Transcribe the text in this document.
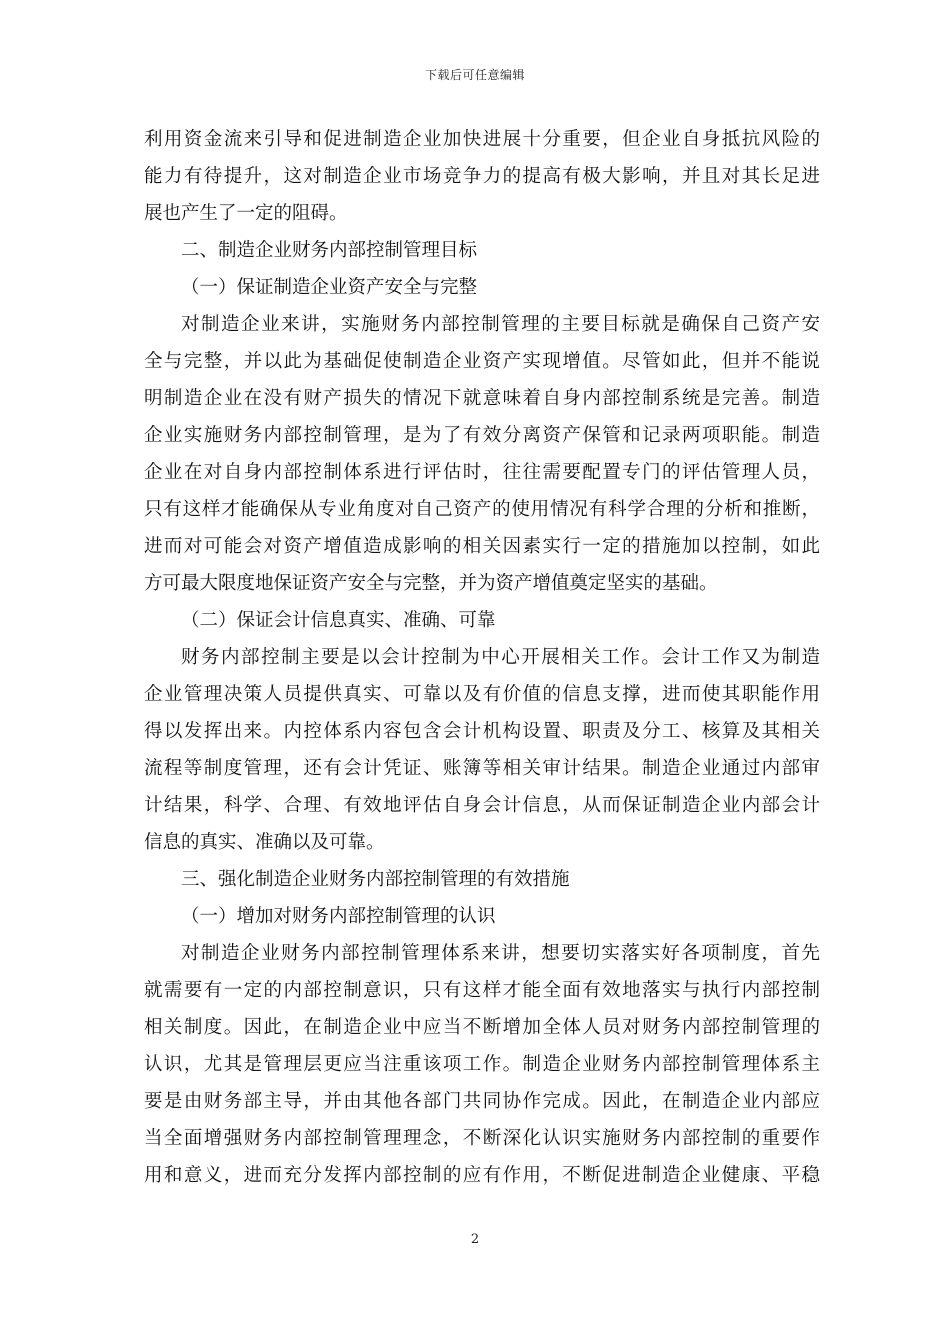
下载后可任意编辑
利用资金流来引导和促进制造企业加快进展十分重要，但企业自身抵抗风险的
能力有待提升，这对制造企业市场竞争力的提高有极大影响，并且对其长足进
展也产生了一定的阻碍。
二、制造企业财务内部控制管理目标
（一）保证制造企业资产安全与完整
对制造企业来讲，实施财务内部控制管理的主要目标就是确保自己资产安
全与完整，并以此为基础促使制造企业资产实现增值。尽管如此，但并不能说
明制造企业在没有财产损失的情况下就意味着自身内部控制系统是完善。制造
企业实施财务内部控制管理，是为了有效分离资产保管和记录两项职能。制造
企业在对自身内部控制体系进行评估时，往往需要配置专门的评估管理人员，
只有这样才能确保从专业角度对自己资产的使用情况有科学合理的分析和推断，
进而对可能会对资产增值造成影响的相关因素实行一定的措施加以控制，如此
方可最大限度地保证资产安全与完整，并为资产增值奠定坚实的基础。
（二）保证会计信息真实、准确、可靠
财务内部控制主要是以会计控制为中心开展相关工作。会计工作又为制造
企业管理决策人员提供真实、可靠以及有价值的信息支撑，进而使其职能作用
得以发挥出来。内控体系内容包含会计机构设置、职责及分工、核算及其相关
流程等制度管理，还有会计凭证、账簿等相关审计结果。制造企业通过内部审
计结果，科学、合理、有效地评估自身会计信息，从而保证制造企业内部会计
信息的真实、准确以及可靠。
三、强化制造企业财务内部控制管理的有效措施
（一）增加对财务内部控制管理的认识
对制造企业财务内部控制管理体系来讲，想要切实落实好各项制度，首先
就需要有一定的内部控制意识，只有这样才能全面有效地落实与执行内部控制
相关制度。因此，在制造企业中应当不断增加全体人员对财务内部控制管理的
认识，尤其是管理层更应当注重该项工作。制造企业财务内部控制管理体系主
要是由财务部主导，并由其他各部门共同协作完成。因此，在制造企业内部应
当全面增强财务内部控制管理理念，不断深化认识实施财务内部控制的重要作
用和意义，进而充分发挥内部控制的应有作用，不断促进制造企业健康、平稳
2
